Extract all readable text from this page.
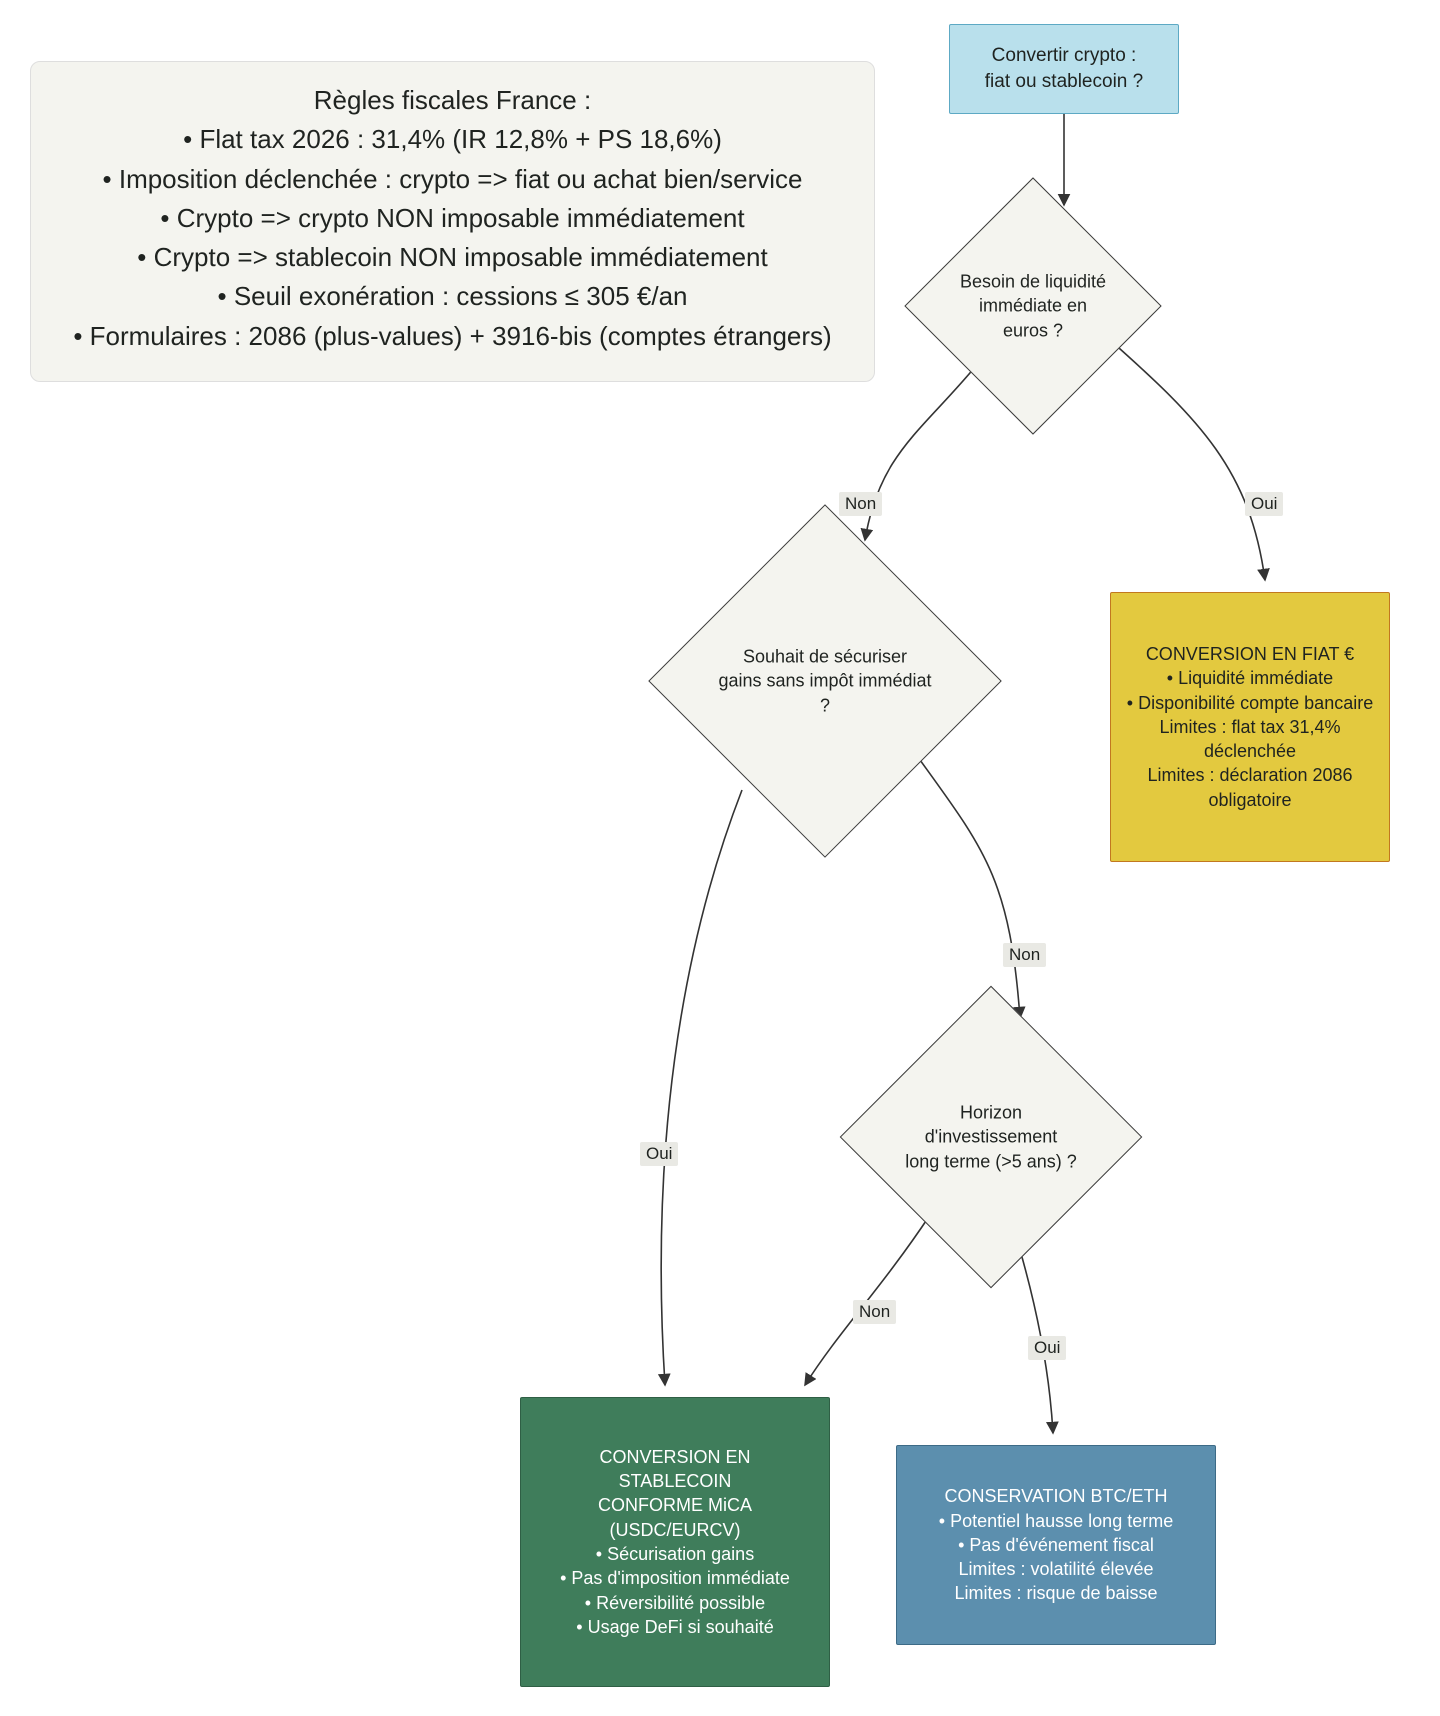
Règles fiscales France :
• Flat tax 2026 : 31,4% (IR 12,8% + PS 18,6%)
• Imposition déclenchée : crypto => fiat ou achat bien/service
• Crypto => crypto NON imposable immédiatement
• Crypto => stablecoin NON imposable immédiatement
• Seuil exonération : cessions ≤ 305 €/an
• Formulaires : 2086 (plus-values) + 3916-bis (comptes étrangers)
Convertir crypto :
fiat ou stablecoin ?
Besoin de liquidité
immédiate en euros ?
Souhait de sécuriser
gains sans impôt immédiat
?
Horizon d'investissement
long terme (>5 ans) ?
CONVERSION EN FIAT €
• Liquidité immédiate
• Disponibilité compte bancaire
Limites : flat tax 31,4% déclenchée
Limites : déclaration 2086 obligatoire
CONVERSION EN
STABLECOIN
CONFORME MiCA
(USDC/EURCV)
• Sécurisation gains
• Pas d'imposition immédiate
• Réversibilité possible
• Usage DeFi si souhaité
CONSERVATION BTC/ETH
• Potentiel hausse long terme
• Pas d'événement fiscal
Limites : volatilité élevée
Limites : risque de baisse
Non	Oui
Non
Oui
Non
Oui
